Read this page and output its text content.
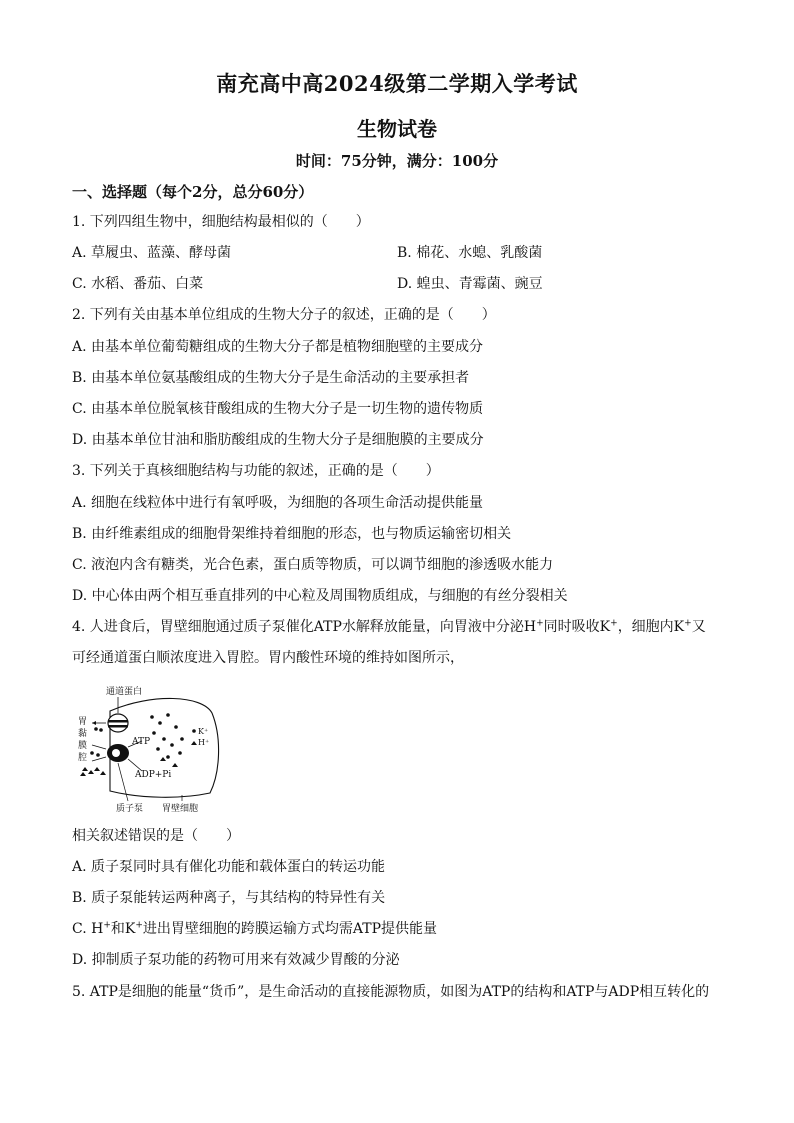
南充高中高2024级第二学期入学考试
生物试卷
时间：75分钟，满分：100分
一、选择题（每个2分，总分60分）
1. 下列四组生物中，细胞结构最相似的（　　）
A. 草履虫、蓝藻、酵母菌	B. 棉花、水螅、乳酸菌
C. 水稻、番茄、白菜	D. 蝗虫、青霉菌、豌豆
2. 下列有关由基本单位组成的生物大分子的叙述，正确的是（　　）
A. 由基本单位葡萄糖组成的生物大分子都是植物细胞壁的主要成分
B. 由基本单位氨基酸组成的生物大分子是生命活动的主要承担者
C. 由基本单位脱氧核苷酸组成的生物大分子是一切生物的遗传物质
D. 由基本单位甘油和脂肪酸组成的生物大分子是细胞膜的主要成分
3. 下列关于真核细胞结构与功能的叙述，正确的是（　　）
A. 细胞在线粒体中进行有氧呼吸，为细胞的各项生命活动提供能量
B. 由纤维素组成的细胞骨架维持着细胞的形态，也与物质运输密切相关
C. 液泡内含有糖类，光合色素，蛋白质等物质，可以调节细胞的渗透吸水能力
D. 中心体由两个相互垂直排列的中心粒及周围物质组成，与细胞的有丝分裂相关
4. 人进食后，胃壁细胞通过质子泵催化ATP水解释放能量，向胃液中分泌H+同时吸收K+，细胞内K+又
可经通道蛋白顺浓度进入胃腔。胃内酸性环境的维持如图所示，
通道蛋白
胃
黏
膜
腔
ATP
ADP+Pi
K⁺
H⁺
质子泵 胃壁细胞
相关叙述错误的是（　　）
A. 质子泵同时具有催化功能和载体蛋白的转运功能
B. 质子泵能转运两种离子，与其结构的特异性有关
C. H+和K+进出胃壁细胞的跨膜运输方式均需ATP提供能量
D. 抑制质子泵功能的药物可用来有效减少胃酸的分泌
5. ATP是细胞的能量“货币”，是生命活动的直接能源物质，如图为ATP的结构和ATP与ADP相互转化的
